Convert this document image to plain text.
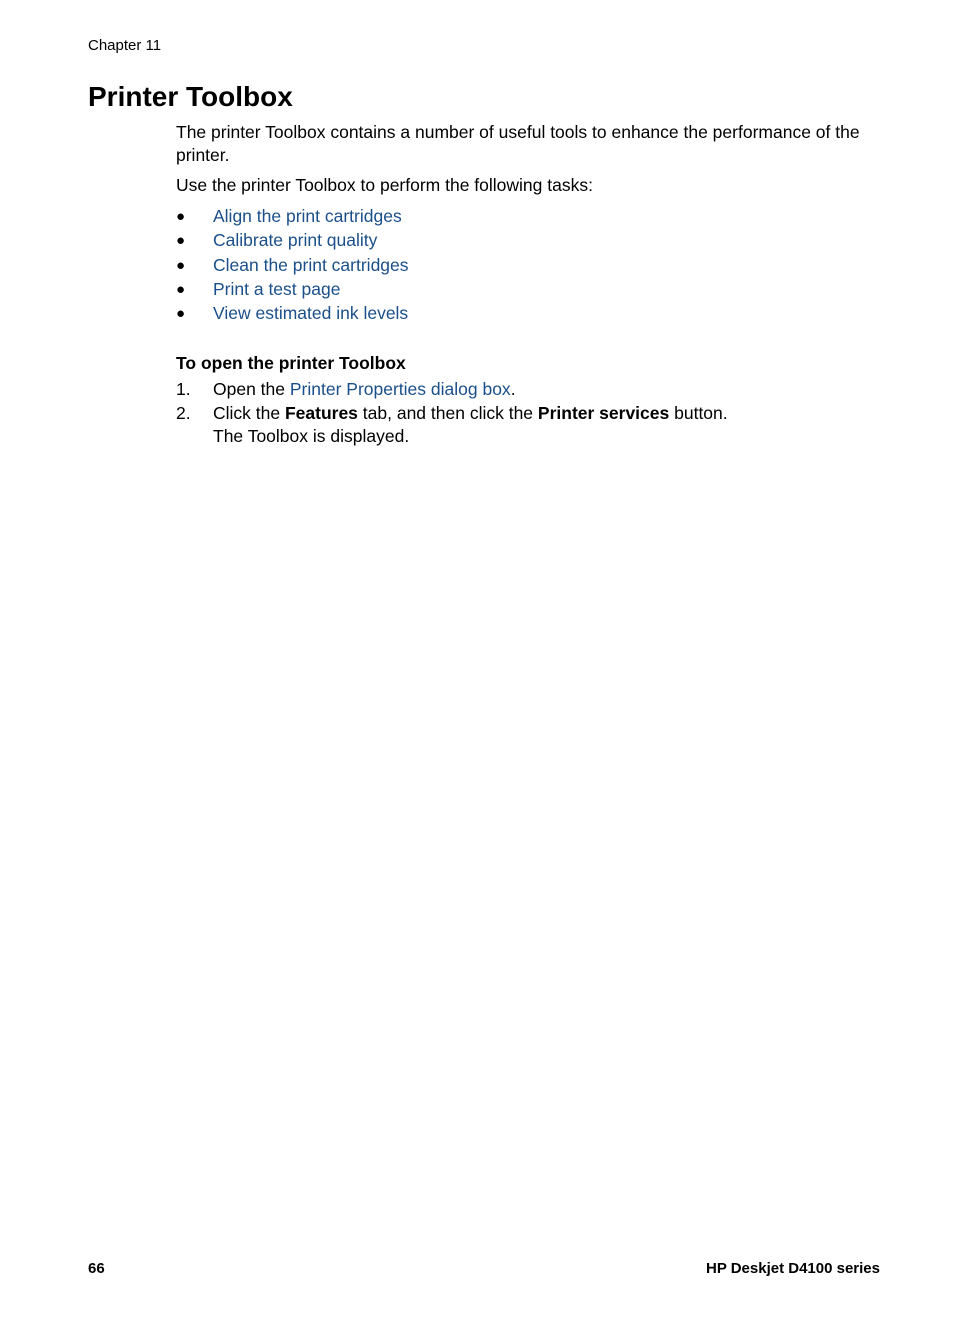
Chapter 11
Printer Toolbox

The printer Toolbox contains a number of useful tools to enhance the performance of the printer.

Use the printer Toolbox to perform the following tasks:

● Align the print cartridges
● Calibrate print quality
● Clean the print cartridges
● Print a test page
● View estimated ink levels
To open the printer Toolbox
1. Open the Printer Properties dialog box.
2. Click the Features tab, and then click the Printer services button.
The Toolbox is displayed.
66	HP Deskjet D4100 series
